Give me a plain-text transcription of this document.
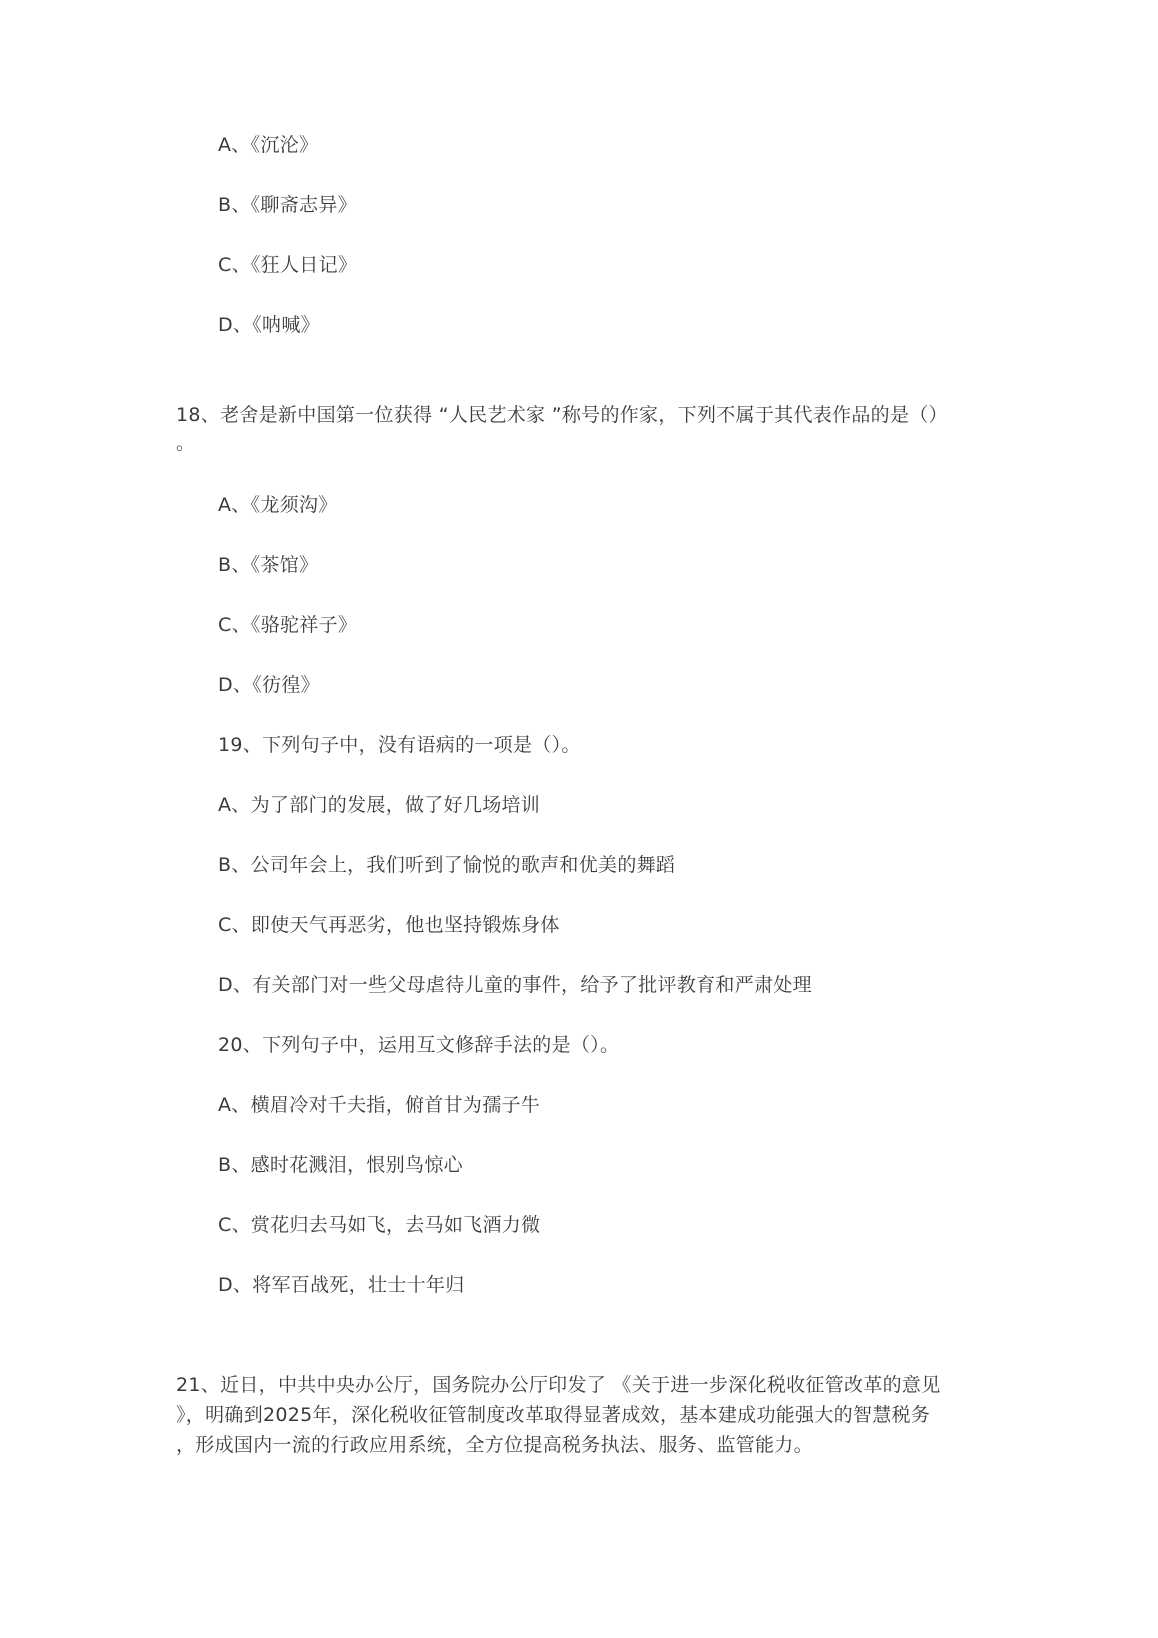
A、《沉沦》
B、《聊斋志异》
C、《狂人日记》
D、《呐喊》
18、老舍是新中国第一位获得 “人民艺术家 ”称号的作家，下列不属于其代表作品的是（）
。
A、《龙须沟》
B、《茶馆》
C、《骆驼祥子》
D、《彷徨》
19、下列句子中，没有语病的一项是（）。
A、为了部门的发展，做了好几场培训
B、公司年会上，我们听到了愉悦的歌声和优美的舞蹈
C、即使天气再恶劣，他也坚持锻炼身体
D、有关部门对一些父母虐待儿童的事件，给予了批评教育和严肃处理
20、下列句子中，运用互文修辞手法的是（）。
A、横眉冷对千夫指，俯首甘为孺子牛
B、感时花溅泪，恨别鸟惊心
C、赏花归去马如飞，去马如飞酒力微
D、将军百战死，壮士十年归
21、近日，中共中央办公厅，国务院办公厅印发了 《关于进一步深化税收征管改革的意见
》，明确到2025年，深化税收征管制度改革取得显著成效，基本建成功能强大的智慧税务
，形成国内一流的行政应用系统，全方位提高税务执法、服务、监管能力。
